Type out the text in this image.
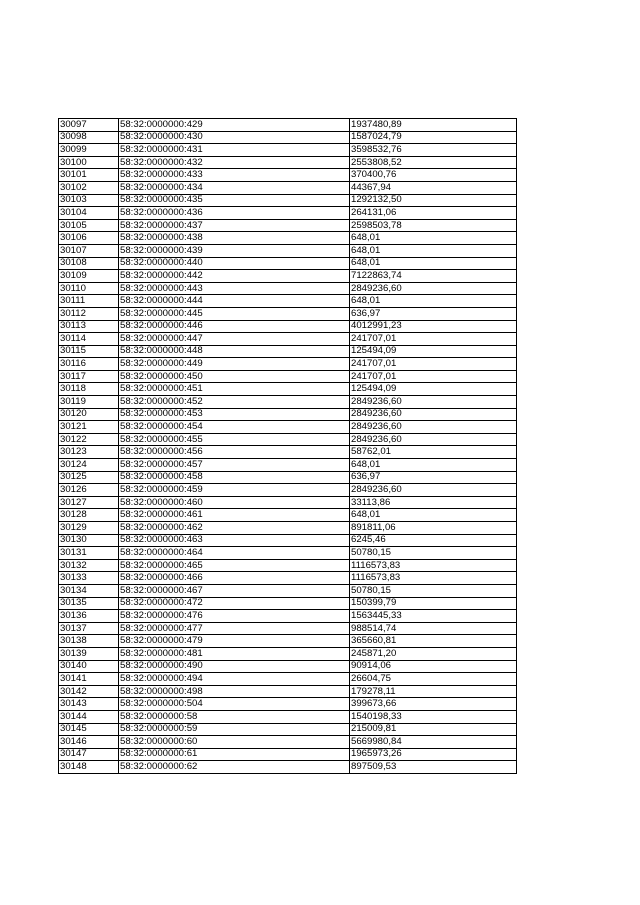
30097	58:32:0000000:429	1937480,89
30098	58:32:0000000:430	1587024,79
30099	58:32:0000000:431	3598532,76
30100	58:32:0000000:432	2553808,52
30101	58:32:0000000:433	370400,76
30102	58:32:0000000:434	44367,94
30103	58:32:0000000:435	1292132,50
30104	58:32:0000000:436	264131,06
30105	58:32:0000000:437	2598503,78
30106	58:32:0000000:438	648,01
30107	58:32:0000000:439	648,01
30108	58:32:0000000:440	648,01
30109	58:32:0000000:442	7122863,74
30110	58:32:0000000:443	2849236,60
30111	58:32:0000000:444	648,01
30112	58:32:0000000:445	636,97
30113	58:32:0000000:446	4012991,23
30114	58:32:0000000:447	241707,01
30115	58:32:0000000:448	125494,09
30116	58:32:0000000:449	241707,01
30117	58:32:0000000:450	241707,01
30118	58:32:0000000:451	125494,09
30119	58:32:0000000:452	2849236,60
30120	58:32:0000000:453	2849236,60
30121	58:32:0000000:454	2849236,60
30122	58:32:0000000:455	2849236,60
30123	58:32:0000000:456	58762,01
30124	58:32:0000000:457	648,01
30125	58:32:0000000:458	636,97
30126	58:32:0000000:459	2849236,60
30127	58:32:0000000:460	33113,86
30128	58:32:0000000:461	648,01
30129	58:32:0000000:462	891811,06
30130	58:32:0000000:463	6245,46
30131	58:32:0000000:464	50780,15
30132	58:32:0000000:465	1116573,83
30133	58:32:0000000:466	1116573,83
30134	58:32:0000000:467	50780,15
30135	58:32:0000000:472	150399,79
30136	58:32:0000000:476	1563445,33
30137	58:32:0000000:477	988514,74
30138	58:32:0000000:479	365660,81
30139	58:32:0000000:481	245871,20
30140	58:32:0000000:490	90914,06
30141	58:32:0000000:494	26604,75
30142	58:32:0000000:498	179278,11
30143	58:32:0000000:504	399673,66
30144	58:32:0000000:58	1540198,33
30145	58:32:0000000:59	215009,81
30146	58:32:0000000:60	5669980,84
30147	58:32:0000000:61	1965973,26
30148	58:32:0000000:62	897509,53
